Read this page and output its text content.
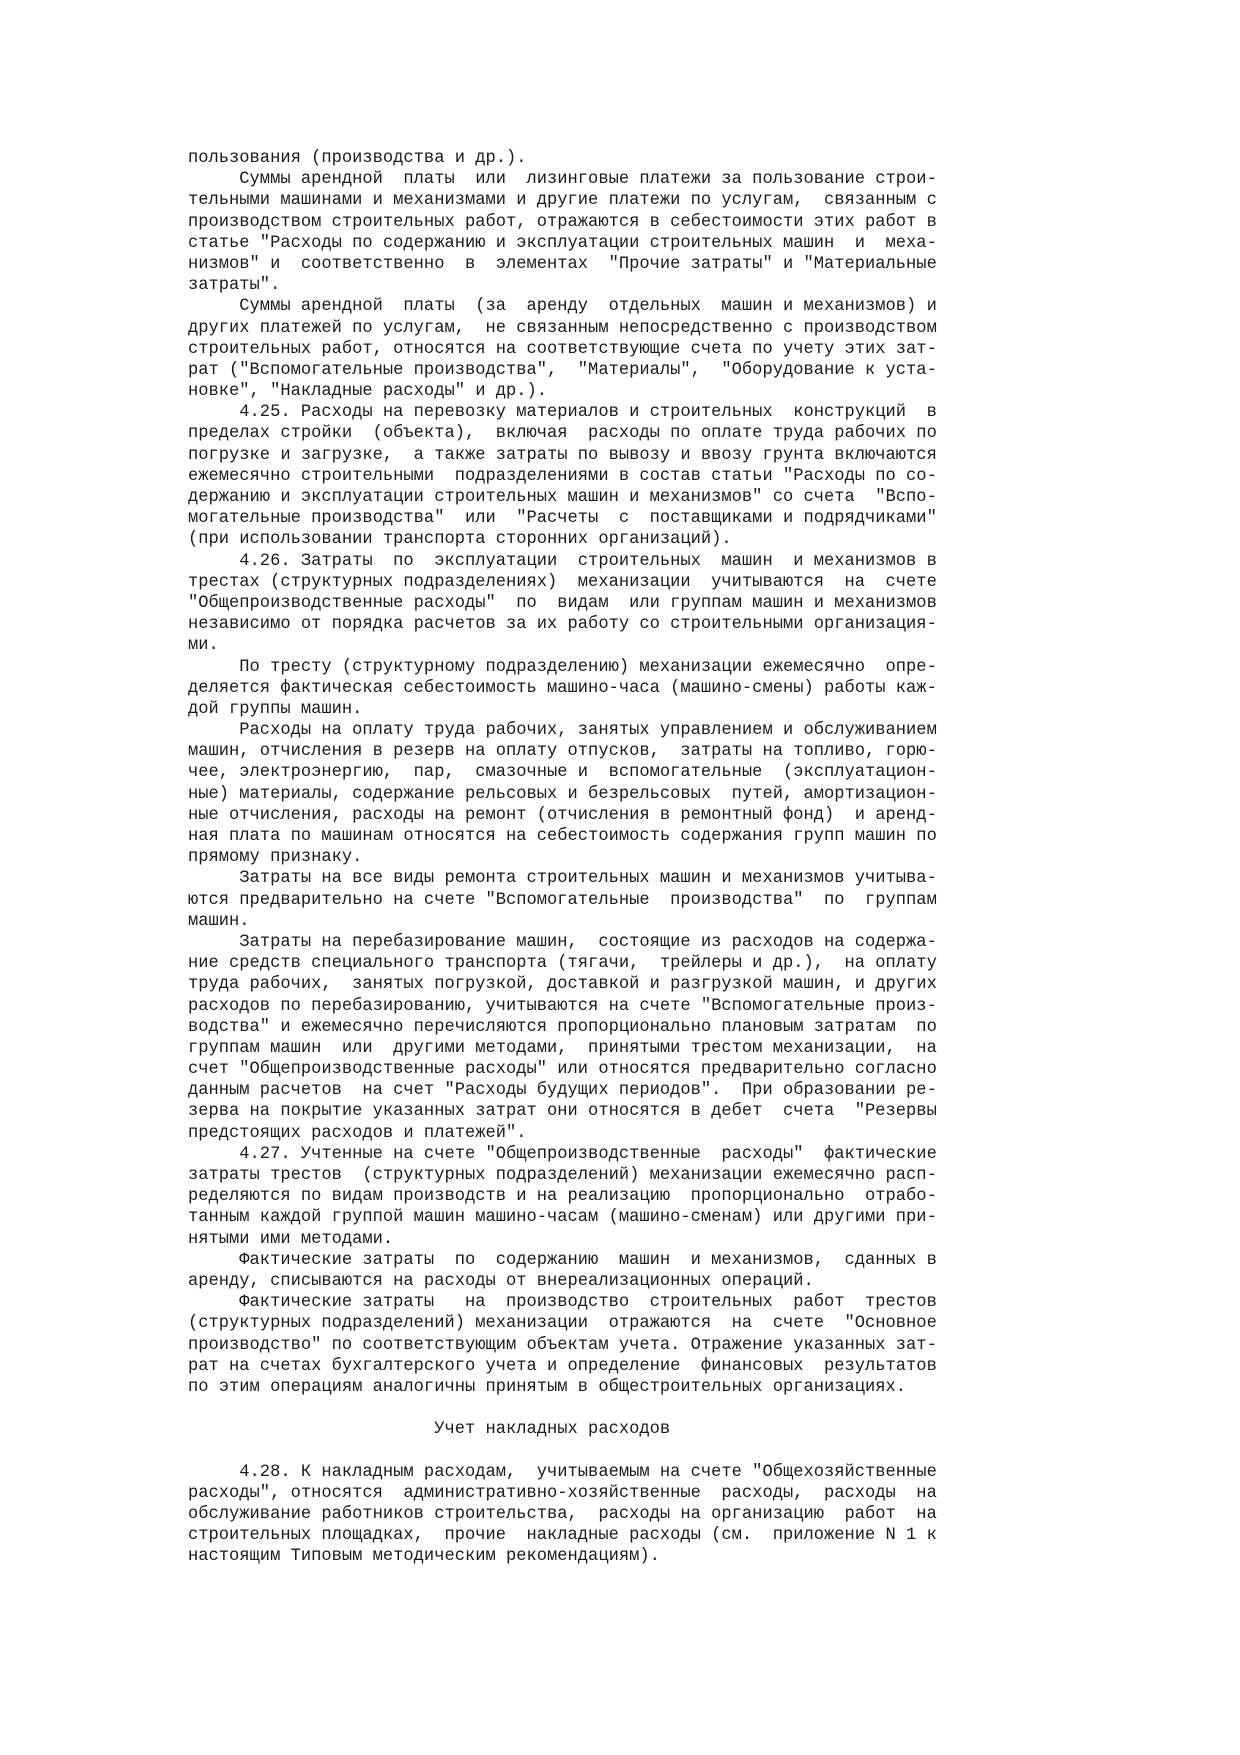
пользования (производства и др.).
Суммы арендной  платы  или  лизинговые платежи за пользование строи-
тельными машинами и механизмами и другие платежи по услугам,  связанным с
производством строительных работ, отражаются в себестоимости этих работ в
статье "Расходы по содержанию и эксплуатации строительных машин  и  меха-
низмов" и  соответственно  в  элементах  "Прочие затраты" и "Материальные
затраты".
Суммы арендной  платы  (за  аренду  отдельных  машин и механизмов) и
других платежей по услугам,  не связанным непосредственно с производством
строительных работ, относятся на соответствующие счета по учету этих зат-
рат ("Вспомогательные производства",  "Материалы",  "Оборудование к уста-
новке", "Накладные расходы" и др.).
4.25. Расходы на перевозку материалов и строительных  конструкций  в
пределах стройки  (объекта),  включая  расходы по оплате труда рабочих по
погрузке и загрузке,  а также затраты по вывозу и ввозу грунта включаются
ежемесячно строительными  подразделениями в состав статьи "Расходы по со-
держанию и эксплуатации строительных машин и механизмов" со счета  "Вспо-
могательные производства"  или  "Расчеты  с  поставщиками и подрядчиками"
(при использовании транспорта сторонних организаций).
4.26. Затраты  по  эксплуатации  строительных  машин  и механизмов в
трестах (структурных подразделениях)  механизации  учитываются  на  счете
"Общепроизводственные расходы"  по  видам  или группам машин и механизмов
независимо от порядка расчетов за их работу со строительными организация-
ми.
По тресту (структурному подразделению) механизации ежемесячно  опре-
деляется фактическая себестоимость машино-часа (машино-смены) работы каж-
дой группы машин.
Расходы на оплату труда рабочих, занятых управлением и обслуживанием
машин, отчисления в резерв на оплату отпусков,  затраты на топливо, горю-
чее, электроэнергию,  пар,  смазочные и  вспомогательные  (эксплуатацион-
ные) материалы, содержание рельсовых и безрельсовых  путей, амортизацион-
ные отчисления, расходы на ремонт (отчисления в ремонтный фонд)  и аренд-
ная плата по машинам относятся на себестоимость содержания групп машин по
прямому признаку.
Затраты на все виды ремонта строительных машин и механизмов учитыва-
ются предварительно на счете "Вспомогательные  производства"  по  группам
машин.
Затраты на перебазирование машин,  состоящие из расходов на содержа-
ние средств специального транспорта (тягачи,  трейлеры и др.),  на оплату
труда рабочих,  занятых погрузкой, доставкой и разгрузкой машин, и других
расходов по перебазированию, учитываются на счете "Вспомогательные произ-
водства" и ежемесячно перечисляются пропорционально плановым затратам  по
группам машин  или  другими методами,  принятыми трестом механизации,  на
счет "Общепроизводственные расходы" или относятся предварительно согласно
данным расчетов  на счет "Расходы будущих периодов".  При образовании ре-
зерва на покрытие указанных затрат они относятся в дебет  счета  "Резервы
предстоящих расходов и платежей".
4.27. Учтенные на счете "Общепроизводственные  расходы"  фактические
затраты трестов  (структурных подразделений) механизации ежемесячно расп-
ределяются по видам производств и на реализацию  пропорционально  отрабо-
танным каждой группой машин машино-часам (машино-сменам) или другими при-
нятыми ими методами.
Фактические затраты  по  содержанию  машин  и механизмов,  сданных в
аренду, списываются на расходы от внереализационных операций.
Фактические затраты   на  производство  строительных  работ  трестов
(структурных подразделений) механизации  отражаются  на  счете  "Основное
производство" по соответствующим объектам учета. Отражение указанных зат-
рат на счетах бухгалтерского учета и определение  финансовых  результатов
по этим операциям аналогичны принятым в общестроительных организациях.
Учет накладных расходов
4.28. К накладным расходам,  учитываемым на счете "Общехозяйственные
расходы", относятся  административно-хозяйственные  расходы,  расходы  на
обслуживание работников строительства,  расходы на организацию  работ  на
строительных площадках,  прочие  накладные расходы (см.  приложение N 1 к
настоящим Типовым методическим рекомендациям).
